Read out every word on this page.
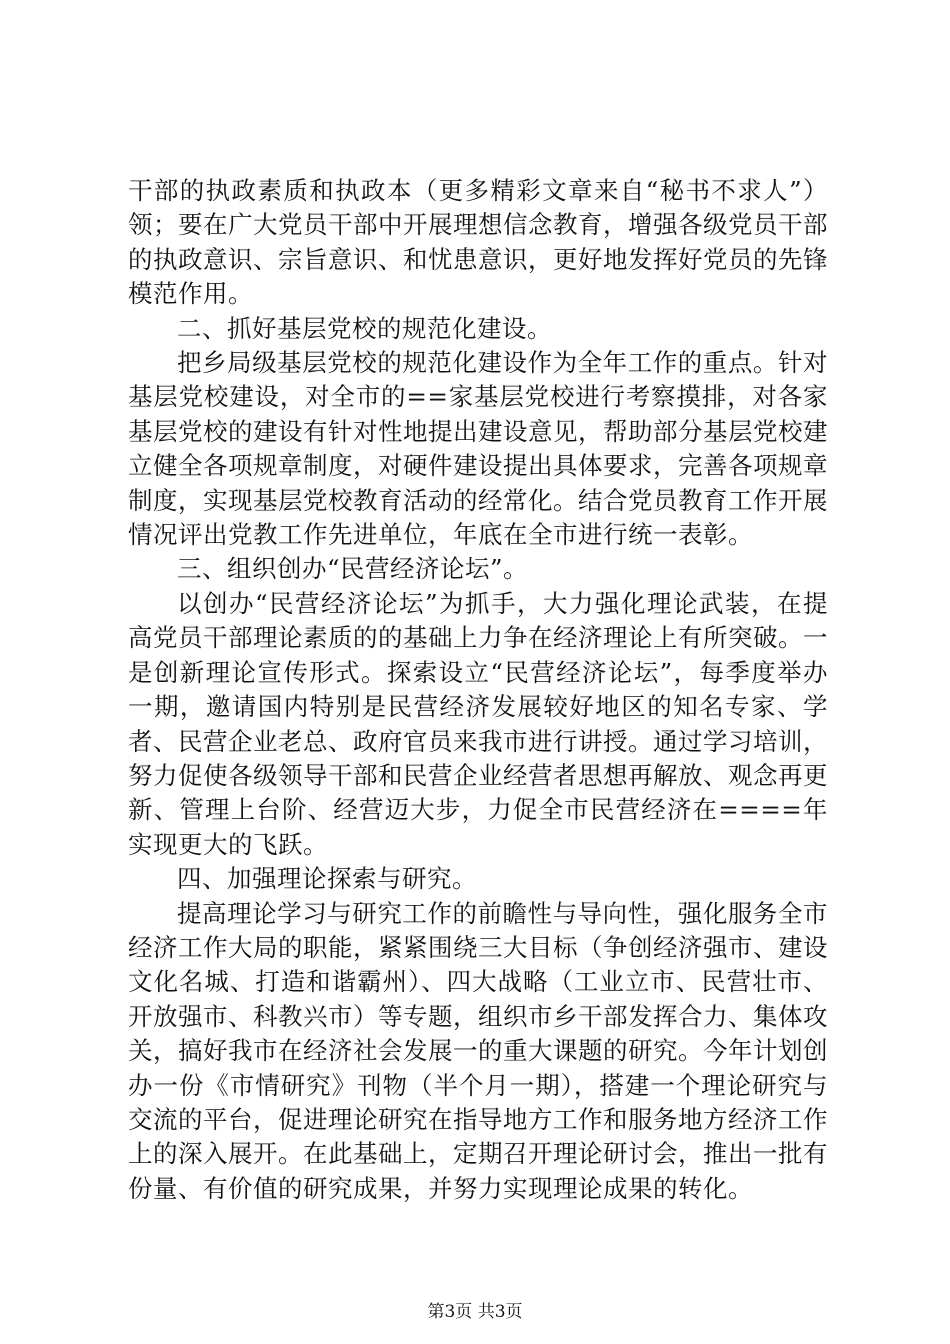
干部的执政素质和执政本（更多精彩文章来自“秘书不求人”）领；要在广大党员干部中开展理想信念教育，增强各级党员干部的执政意识、宗旨意识、和忧患意识，更好地发挥好党员的先锋模范作用。

二、抓好基层党校的规范化建设。

把乡局级基层党校的规范化建设作为全年工作的重点。针对基层党校建设，对全市的==家基层党校进行考察摸排，对各家基层党校的建设有针对性地提出建设意见，帮助部分基层党校建立健全各项规章制度，对硬件建设提出具体要求，完善各项规章制度，实现基层党校教育活动的经常化。结合党员教育工作开展情况评出党教工作先进单位，年底在全市进行统一表彰。

三、组织创办“民营经济论坛”。

以创办“民营经济论坛”为抓手，大力强化理论武装，在提高党员干部理论素质的的基础上力争在经济理论上有所突破。一是创新理论宣传形式。探索设立“民营经济论坛”，每季度举办一期，邀请国内特别是民营经济发展较好地区的知名专家、学者、民营企业老总、政府官员来我市进行讲授。通过学习培训，努力促使各级领导干部和民营企业经营者思想再解放、观念再更新、管理上台阶、经营迈大步，力促全市民营经济在====年实现更大的飞跃。

四、加强理论探索与研究。

提高理论学习与研究工作的前瞻性与导向性，强化服务全市经济工作大局的职能，紧紧围绕三大目标（争创经济强市、建设文化名城、打造和谐霸州）、四大战略（工业立市、民营壮市、开放强市、科教兴市）等专题，组织市乡干部发挥合力、集体攻关，搞好我市在经济社会发展一的重大课题的研究。今年计划创办一份《市情研究》刊物（半个月一期），搭建一个理论研究与交流的平台，促进理论研究在指导地方工作和服务地方经济工作上的深入展开。在此基础上，定期召开理论研讨会，推出一批有份量、有价值的研究成果，并努力实现理论成果的转化。

第3页 共3页
